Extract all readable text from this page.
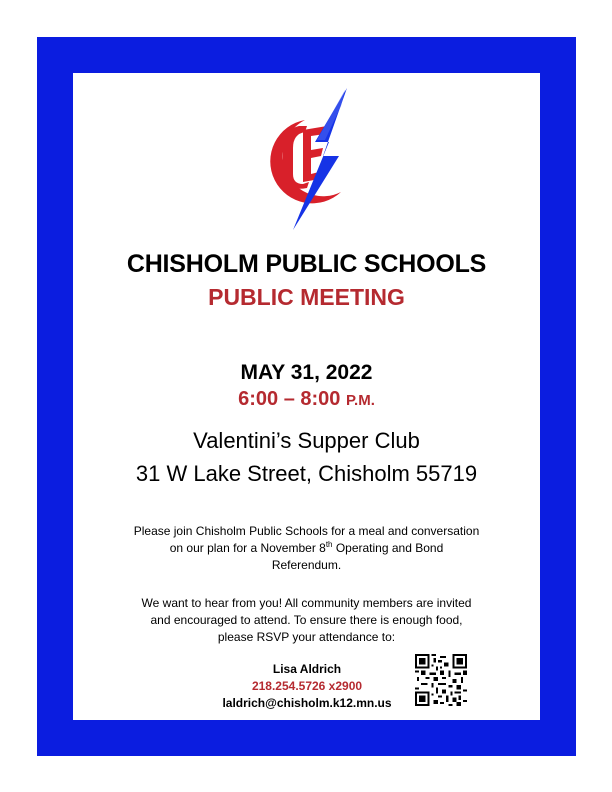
CHISHOLM PUBLIC SCHOOLS
PUBLIC MEETING
MAY 31, 2022
6:00 – 8:00 P.M.
Valentini’s Supper Club
31 W Lake Street, Chisholm 55719
Please join Chisholm Public Schools for a meal and conversation
on our plan for a November 8th Operating and Bond
Referendum.
We want to hear from you! All community members are invited
and encouraged to attend. To ensure there is enough food,
please RSVP your attendance to:
Lisa Aldrich
218.254.5726 x2900
laldrich@chisholm.k12.mn.us
